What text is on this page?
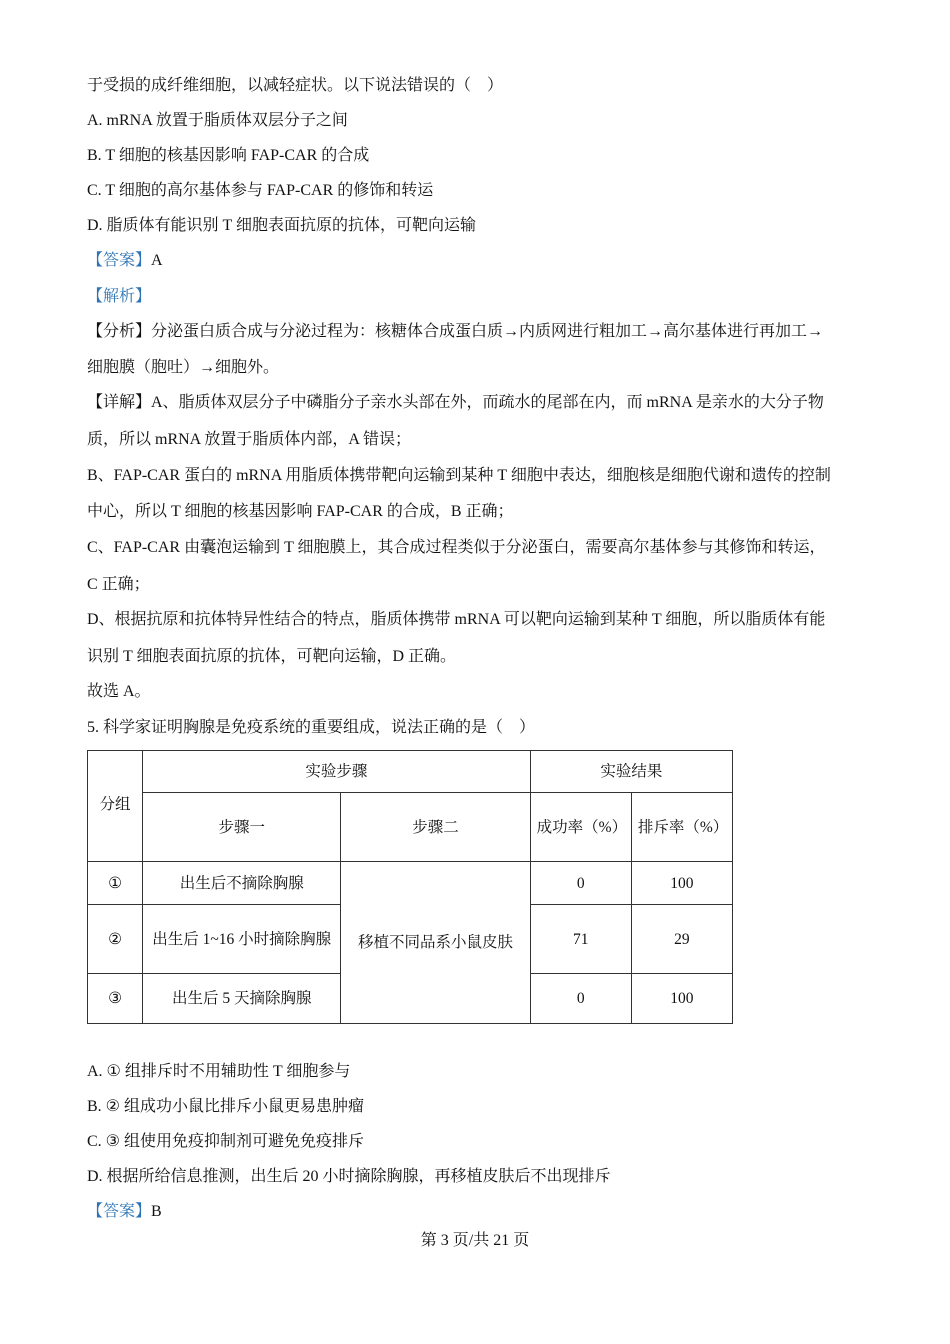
于受损的成纤维细胞，以减轻症状。以下说法错误的（　）
A. mRNA 放置于脂质体双层分子之间
B. T 细胞的核基因影响 FAP-CAR 的合成
C. T 细胞的高尔基体参与 FAP-CAR 的修饰和转运
D. 脂质体有能识别 T 细胞表面抗原的抗体，可靶向运输
【答案】A
【解析】
【分析】分泌蛋白质合成与分泌过程为：核糖体合成蛋白质→内质网进行粗加工→高尔基体进行再加工→
细胞膜（胞吐）→细胞外。
【详解】A、脂质体双层分子中磷脂分子亲水头部在外，而疏水的尾部在内，而 mRNA 是亲水的大分子物
质，所以 mRNA 放置于脂质体内部，A 错误；
B、FAP-CAR 蛋白的 mRNA 用脂质体携带靶向运输到某种 T 细胞中表达，细胞核是细胞代谢和遗传的控制
中心，所以 T 细胞的核基因影响 FAP-CAR 的合成，B 正确；
C、FAP-CAR 由囊泡运输到 T 细胞膜上，其合成过程类似于分泌蛋白，需要高尔基体参与其修饰和转运，
C 正确；
D、根据抗原和抗体特异性结合的特点，脂质体携带 mRNA 可以靶向运输到某种 T 细胞，所以脂质体有能
识别 T 细胞表面抗原的抗体，可靶向运输，D 正确。
故选 A。
5. 科学家证明胸腺是免疫系统的重要组成，说法正确的是（　）
分组	实验步骤		实验结果	
	步骤一	步骤二	成功率（%）	排斥率（%）
①	出生后不摘除胸腺	移植不同品系小鼠皮肤	0	100
②	出生后 1~16 小时摘除胸腺		71	29
③	出生后 5 天摘除胸腺		0	100
A. ① 组排斥时不用辅助性 T 细胞参与
B. ② 组成功小鼠比排斥小鼠更易患肿瘤
C. ③ 组使用免疫抑制剂可避免免疫排斥
D. 根据所给信息推测，出生后 20 小时摘除胸腺，再移植皮肤后不出现排斥
【答案】B
第 3 页/共 21 页
